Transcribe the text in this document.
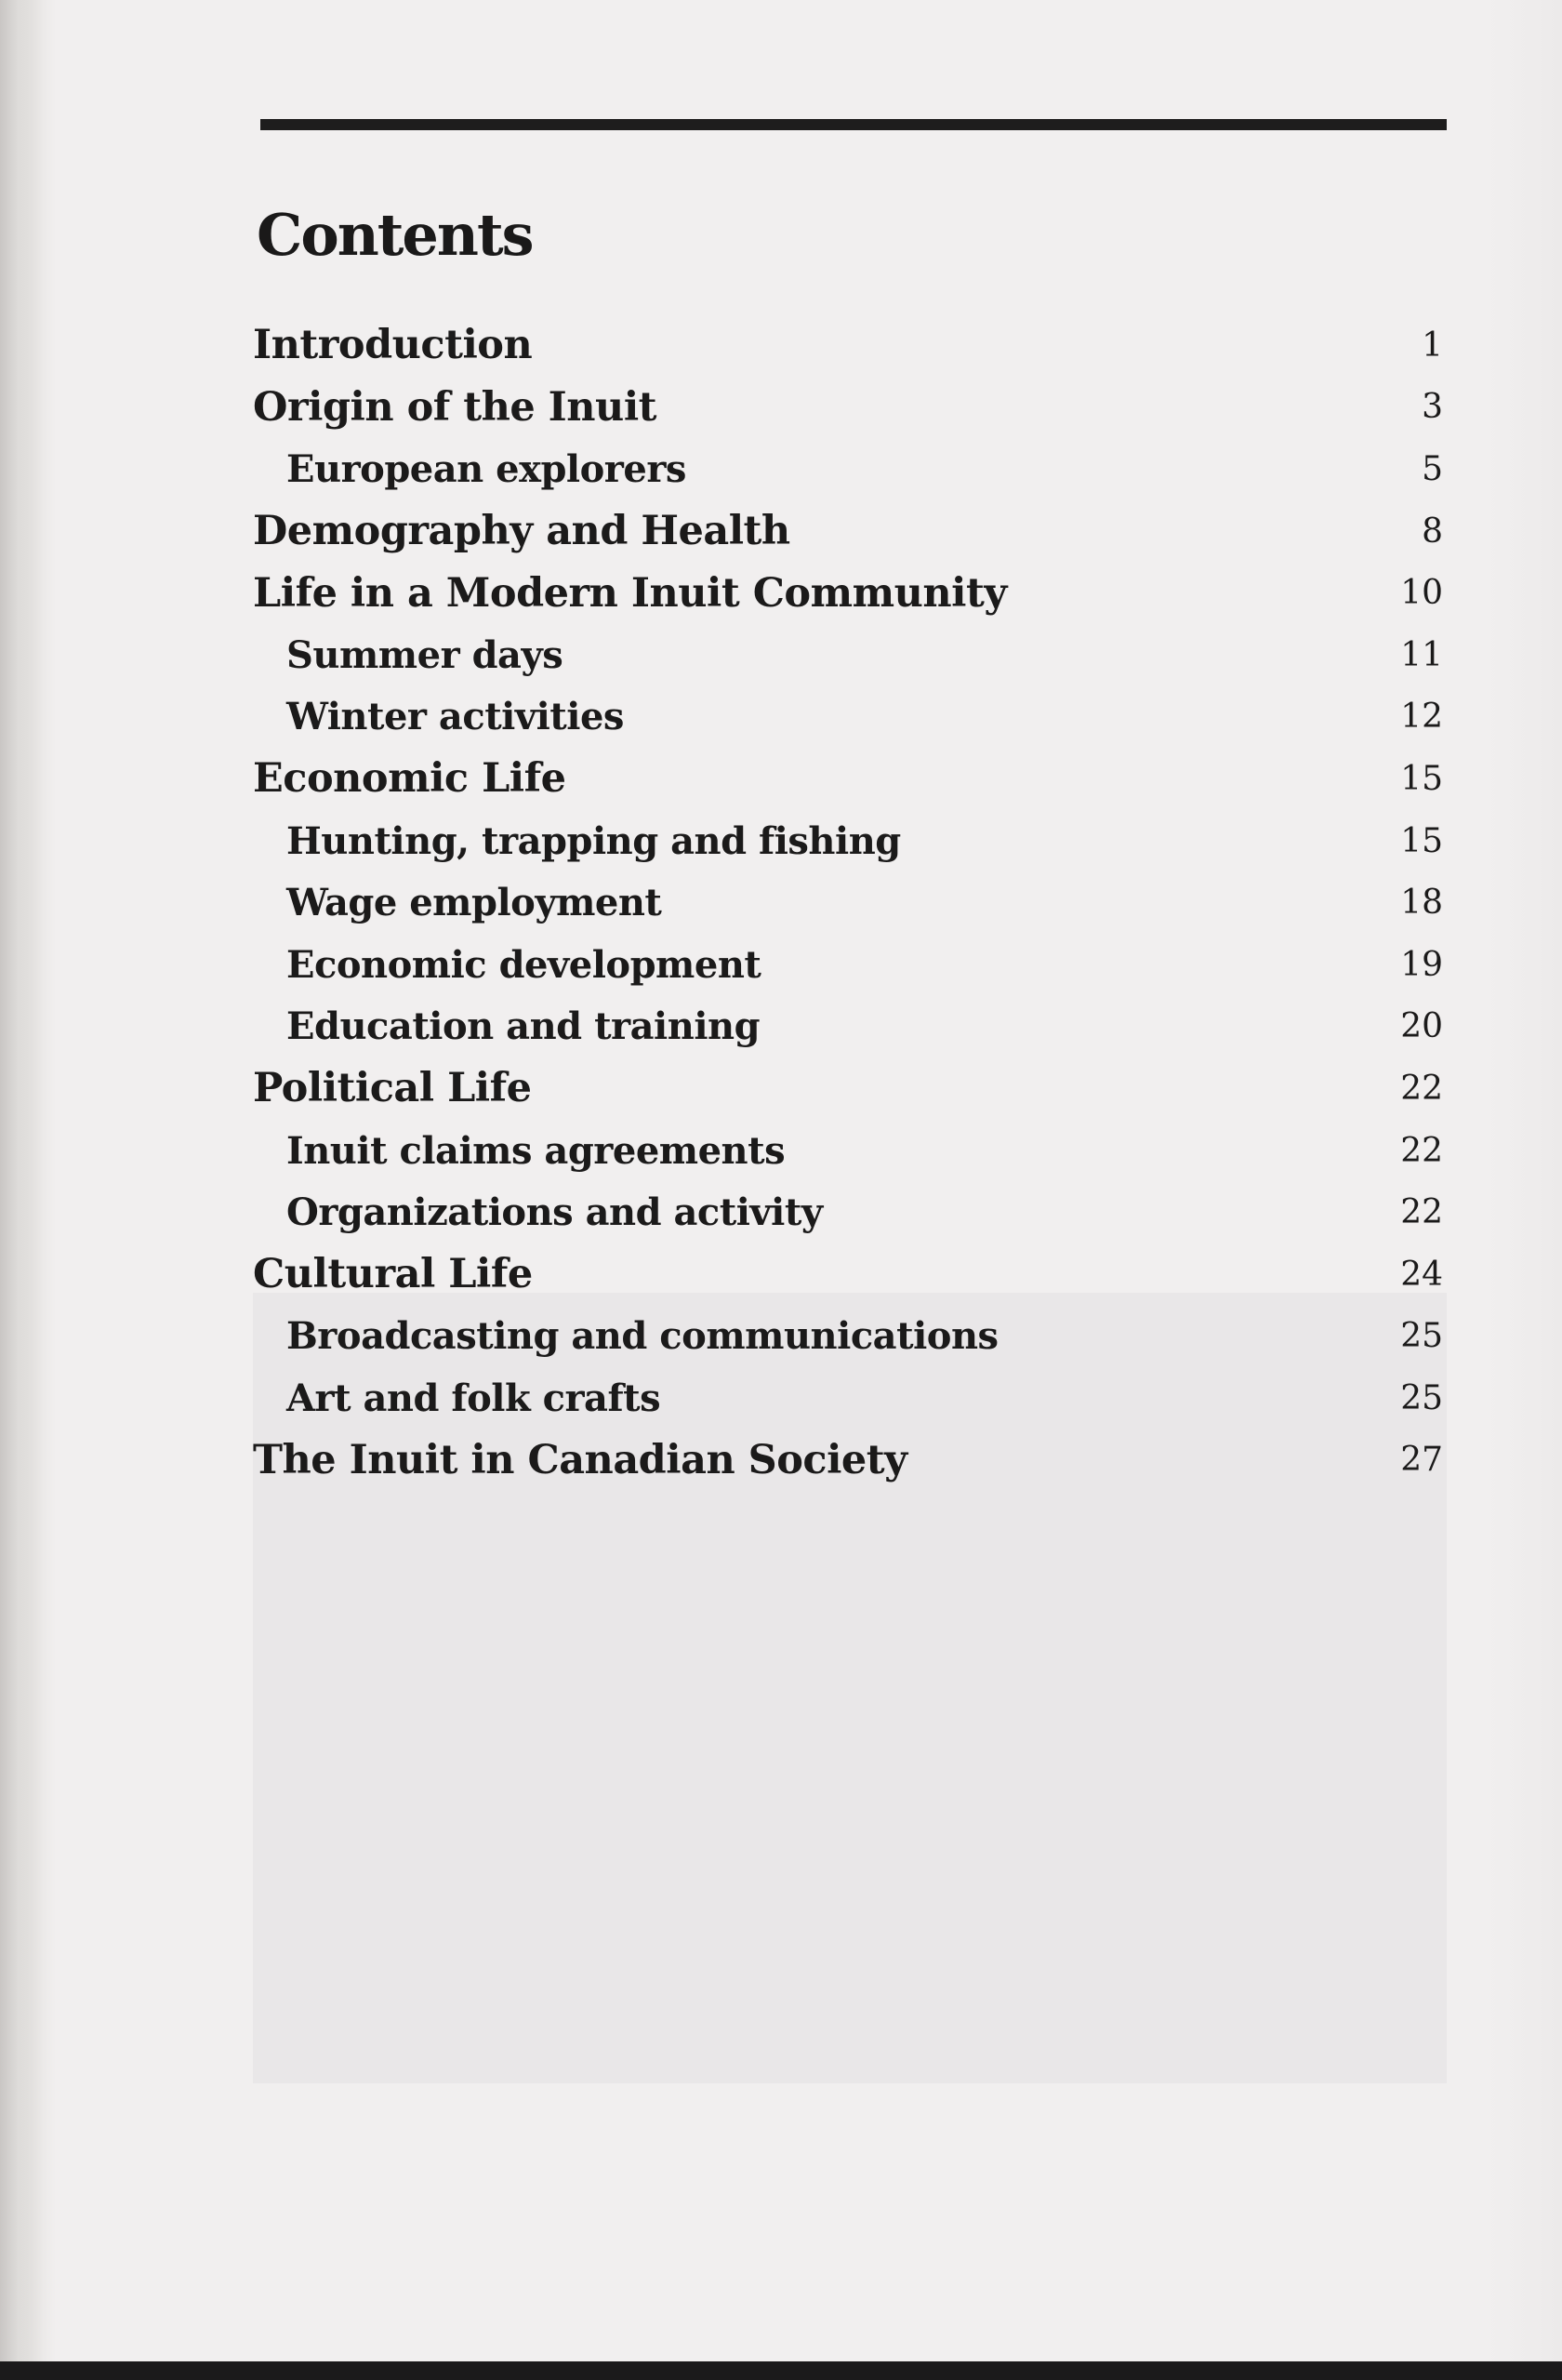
Contents
Introduction	1
Origin of the Inuit	3
European explorers	5
Demography and Health	8
Life in a Modern Inuit Community	10
Summer days	11
Winter activities	12
Economic Life	15
Hunting, trapping and fishing	15
Wage employment	18
Economic development	19
Education and training	20
Political Life	22
Inuit claims agreements	22
Organizations and activity	22
Cultural Life	24
Broadcasting and communications	25
Art and folk crafts	25
The Inuit in Canadian Society	27
